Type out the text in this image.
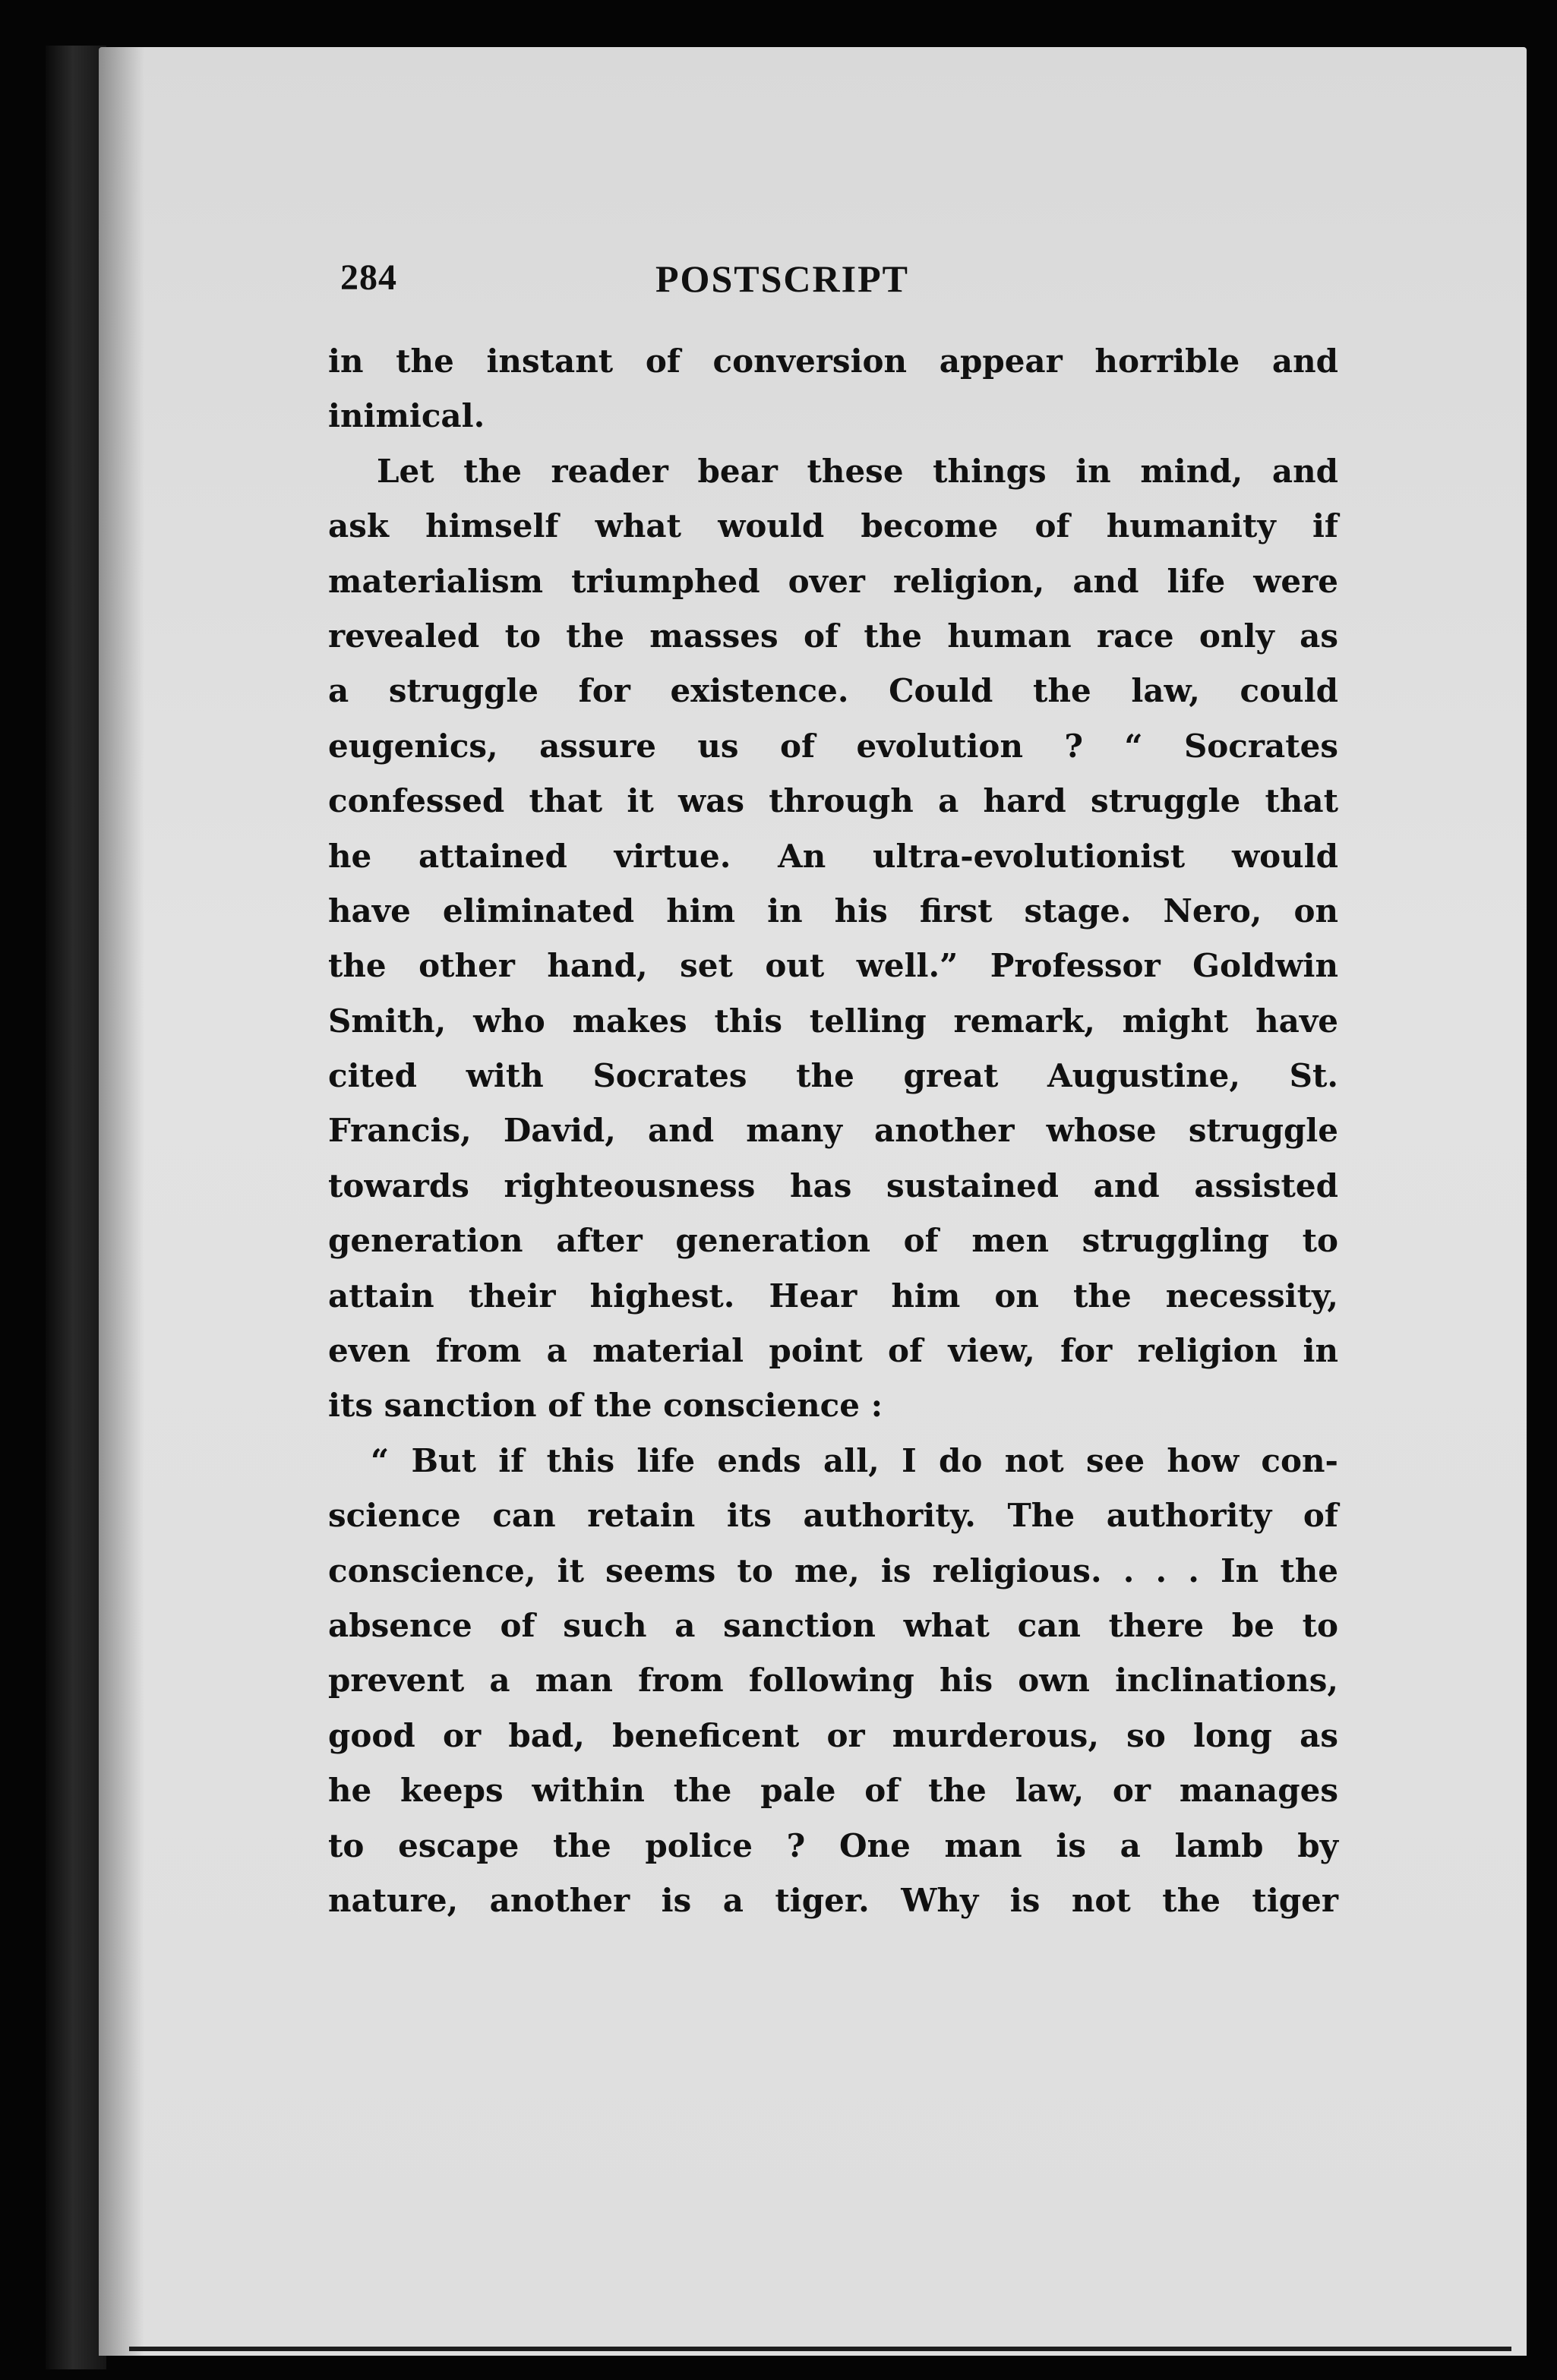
284	POSTSCRIPT
in the instant of conversion appear horrible and
inimical.
Let the reader bear these things in mind, and
ask himself what would become of humanity if
materialism triumphed over religion, and life were
revealed to the masses of the human race only as
a struggle for existence. Could the law, could
eugenics, assure us of evolution ? “ Socrates
confessed that it was through a hard struggle that
he attained virtue. An ultra-evolutionist would
have eliminated him in his first stage. Nero, on
the other hand, set out well.” Professor Goldwin
Smith, who makes this telling remark, might have
cited with Socrates the great Augustine, St.
Francis, David, and many another whose struggle
towards righteousness has sustained and assisted
generation after generation of men struggling to
attain their highest. Hear him on the necessity,
even from a material point of view, for religion in
its sanction of the conscience :
“ But if this life ends all, I do not see how con-
science can retain its authority. The authority of
conscience, it seems to me, is religious. . . . In the
absence of such a sanction what can there be to
prevent a man from following his own inclinations,
good or bad, beneficent or murderous, so long as
he keeps within the pale of the law, or manages
to escape the police ? One man is a lamb by
nature, another is a tiger. Why is not the tiger
